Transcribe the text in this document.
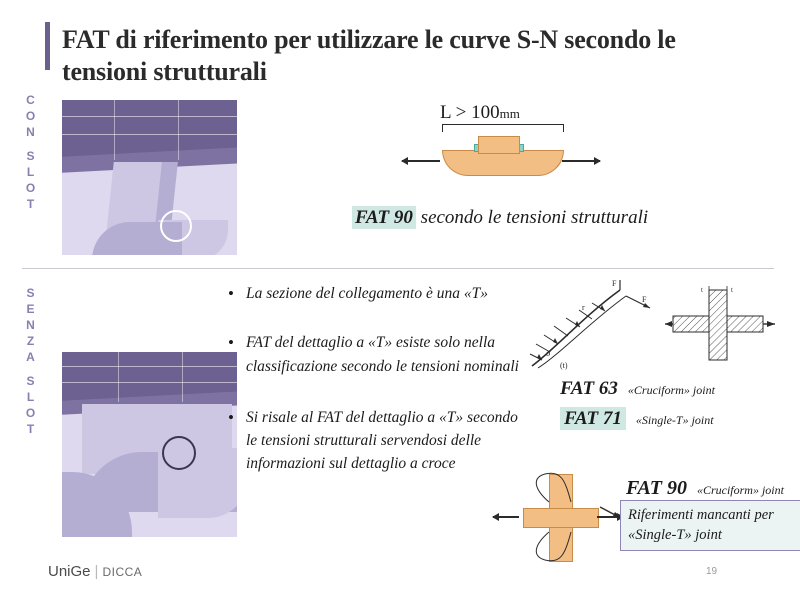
FAT di riferimento per utilizzare le curve S-N secondo le tensioni strutturali
C
O
N
S
L
O
T
S
E
N
Z
A
S
L
O
T
L > 100mm
FAT 90 secondo le tensioni strutturali
• La sezione del collegamento è una «T»
• FAT del dettaglio a «T» esiste solo nella classificazione secondo le tensioni nominali
• Si risale al FAT del dettaglio a «T» secondo le tensioni strutturali servendosi delle informazioni sul dettaglio a croce
F
F
r
σ
(t)
t	t
FAT 63 «Cruciform» joint
FAT 71 «Single-T» joint
FAT 90 «Cruciform» joint
Riferimenti mancanti per «Single-T» joint
UniGe | DICCA	19
